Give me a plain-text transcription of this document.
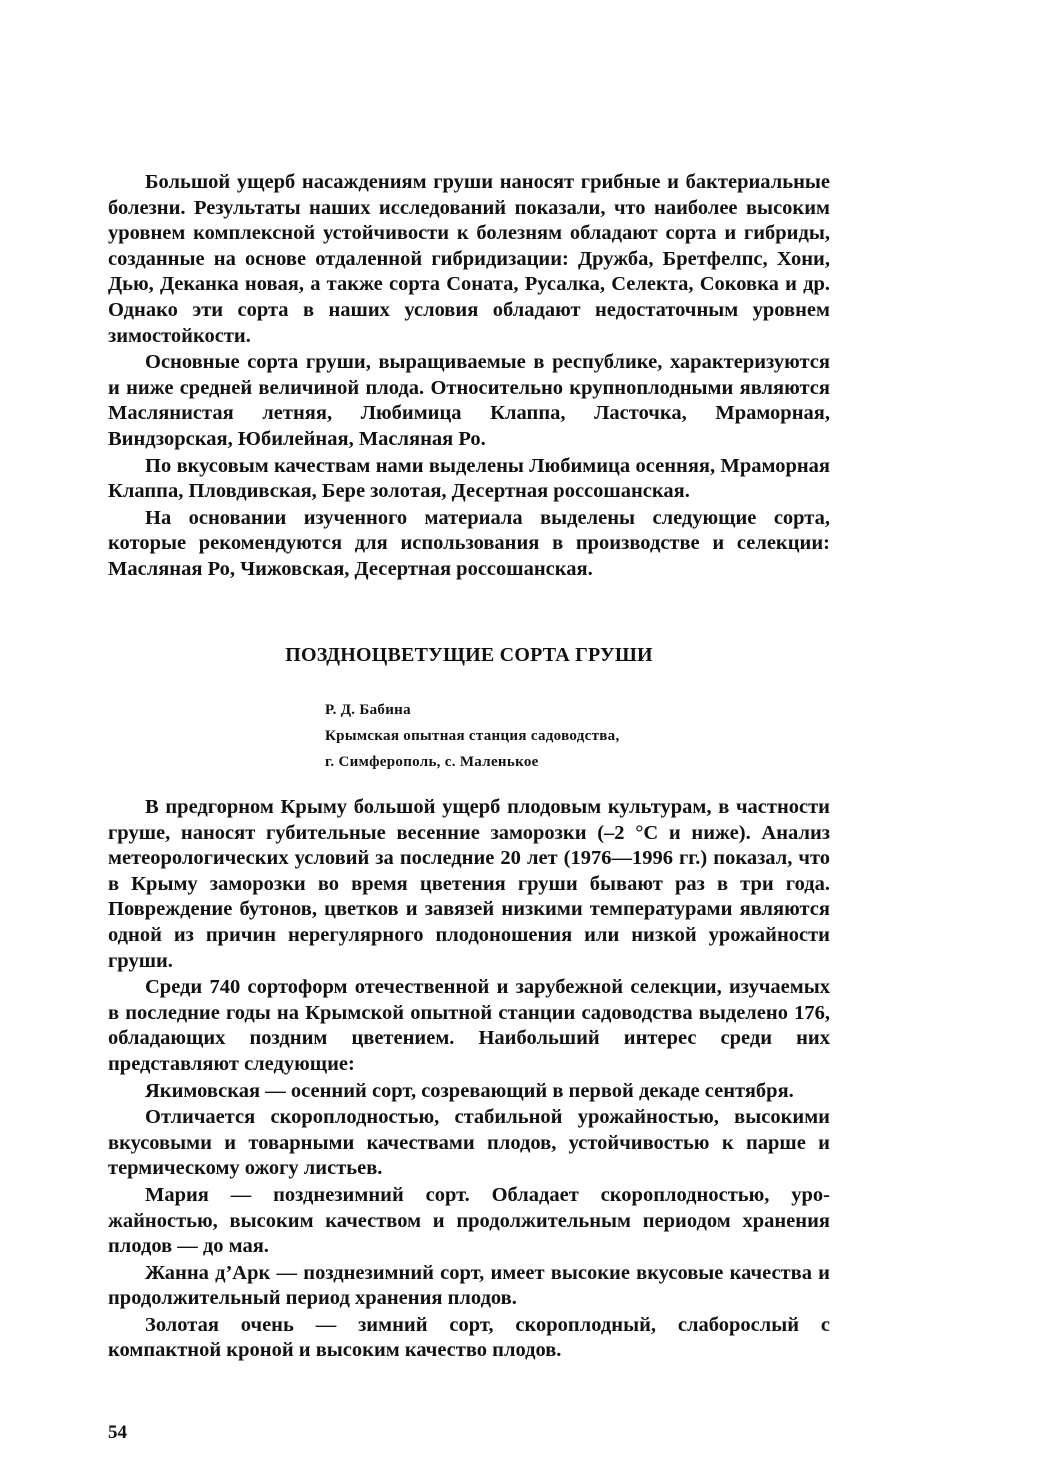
Большой ущерб насаждениям груши наносят грибные и бактериальные болезни. Результаты наших исследований показали, что наиболее высоким уровнем комплексной устойчивости к болезням обладают сорта и гибриды, созданные на основе отдаленной гибридизации: Дружба, Бретфелпс, Хони, Дью, Деканка новая, а также сорта Соната, Русалка, Селекта, Соковка и др. Однако эти сорта в наших условия обладают недостаточным уровнем зимостойкости.

Основные сорта груши, выращиваемые в республике, характеризуются и ниже средней величиной плода. Относительно крупноплодными являются Маслянистая летняя, Любимица Клаппа, Ласточка, Мраморная, Виндзорская, Юбилейная, Масляная Ро.

По вкусовым качествам нами выделены Любимица осенняя, Мраморная Клаппа, Пловдивская, Бере золотая, Десертная россошанская.

На основании изученного материала выделены следующие сорта, которые рекомендуются для использования в производстве и селекции: Масляная Ро, Чижовская, Десертная россошанская.

ПОЗДНОЦВЕТУЩИЕ СОРТА ГРУШИ
Р. Д. Бабина
Крымская опытная станция садоводства,
г. Симферополь, с. Маленькое

В предгорном Крыму большой ущерб плодовым культурам, в частности груше, наносят губительные весенние заморозки (–2 °С и ниже). Анализ метеорологических условий за последние 20 лет (1976—1996 гг.) показал, что в Крыму заморозки во время цветения груши бывают раз в три года. Повреждение бутонов, цветков и завязей низкими температурами являются одной из причин нерегулярного плодоношения или низкой урожайности груши.

Среди 740 сортоформ отечественной и зарубежной селекции, изучаемых в последние годы на Крымской опытной станции садоводства выделено 176, обладающих поздним цветением. Наибольший интерес среди них представляют следующие:

Якимовская — осенний сорт, созревающий в первой декаде сентября.

Отличается скороплодностью, стабильной урожайностью, высокими вкусовыми и товарными качествами плодов, устойчивостью к парше и термическому ожогу листьев.

Мария — позднезимний сорт. Обладает скороплодностью, урожайностью, высоким качеством и продолжительным периодом хранения плодов — до мая.

Жанна д’Арк — позднезимний сорт, имеет высокие вкусовые качества и продолжительный период хранения плодов.

Золотая очень — зимний сорт, скороплодный, слаборослый с компактной кроной и высоким качество плодов.

54
